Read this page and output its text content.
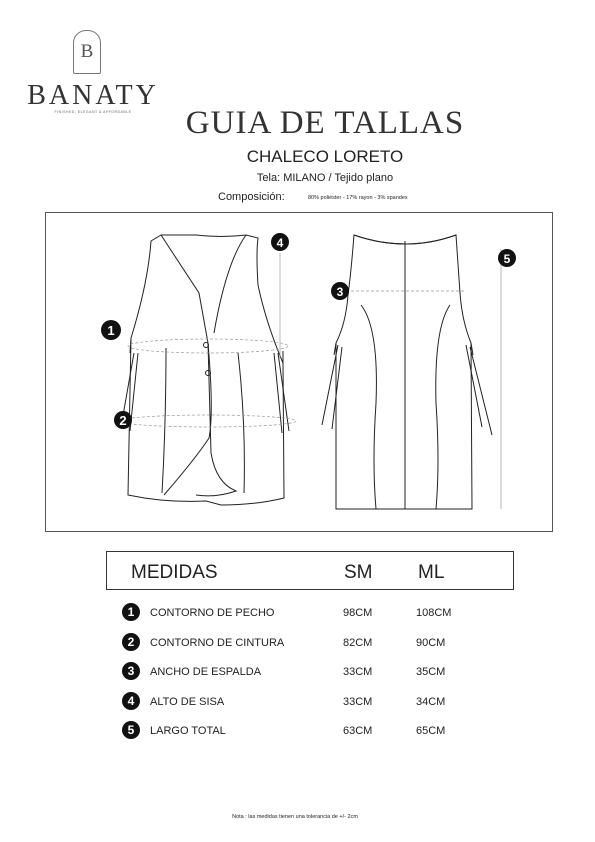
B
BANATY
FINISHED, ELEGANT & AFFORDABLE	GUIA DE TALLAS
CHALECO LORETO
Tela: MILANO / Tejido plano
Composición:	80% poliéster - 17% rayon - 3% spandex
1
2
3
4
5
MEDIDAS	SM ML
1	CONTORNO DE PECHO	98CM	108CM
2	CONTORNO DE CINTURA	82CM	90CM
3	ANCHO DE ESPALDA	33CM	35CM
4	ALTO DE SISA	33CM	34CM
5	LARGO TOTAL	63CM	65CM
Nota : las medidas tienen una tolerancia de +/- 2cm
